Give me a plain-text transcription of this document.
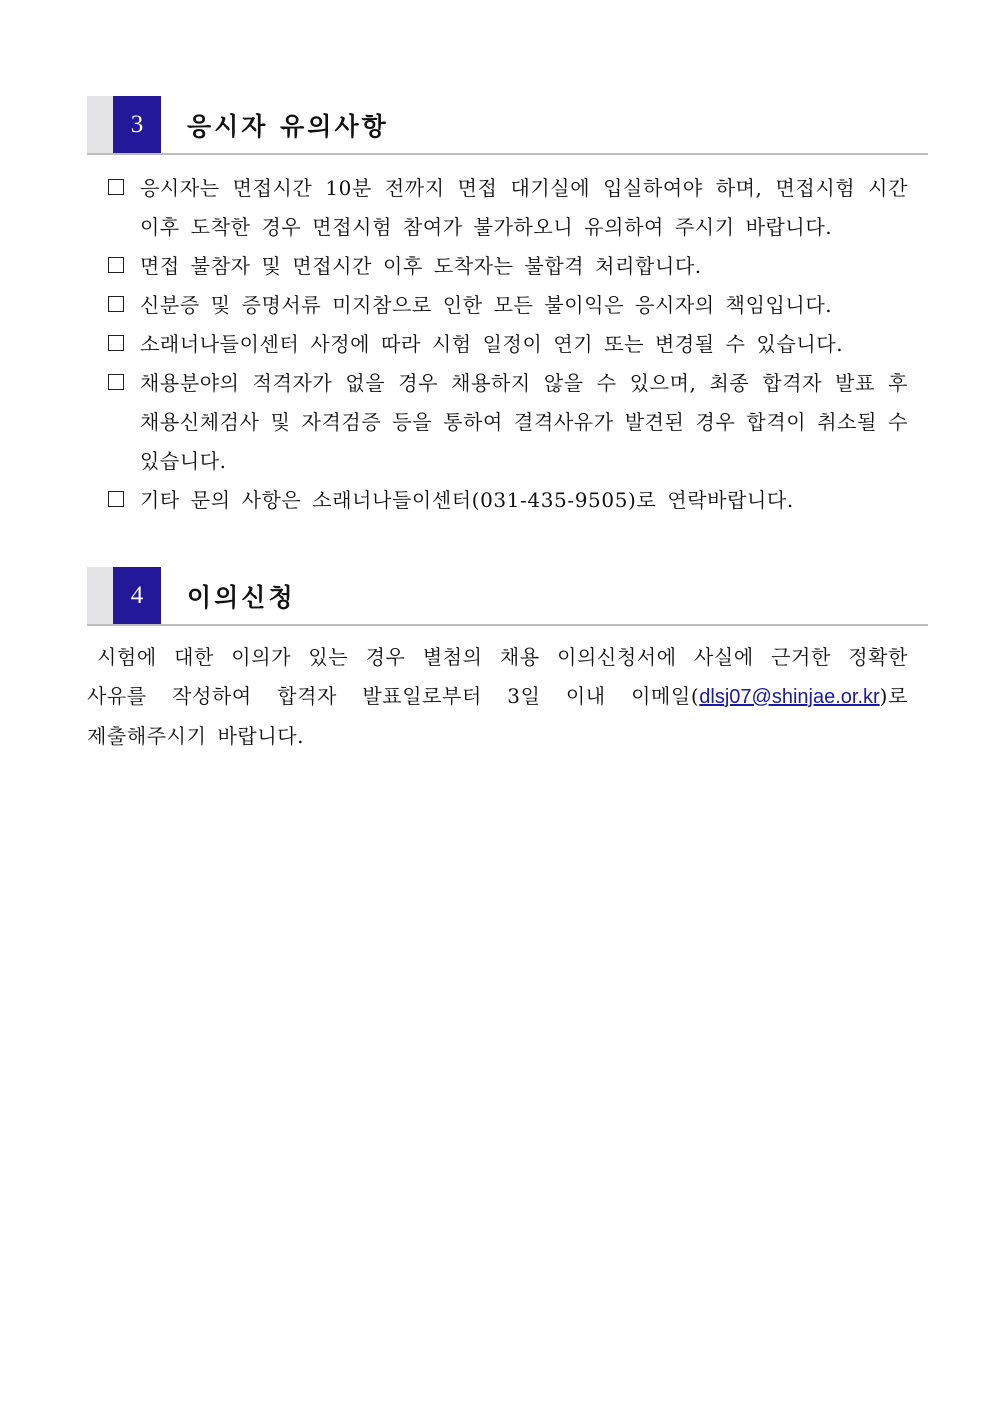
3 응시자 유의사항
응시자는 면접시간 10분 전까지 면접 대기실에 입실하여야 하며, 면접시험 시간 이후 도착한 경우 면접시험 참여가 불가하오니 유의하여 주시기 바랍니다.
면접 불참자 및 면접시간 이후 도착자는 불합격 처리합니다.
신분증 및 증명서류 미지참으로 인한 모든 불이익은 응시자의 책임입니다.
소래너나들이센터 사정에 따라 시험 일정이 연기 또는 변경될 수 있습니다.
채용분야의 적격자가 없을 경우 채용하지 않을 수 있으며, 최종 합격자 발표 후 채용신체검사 및 자격검증 등을 통하여 결격사유가 발견된 경우 합격이 취소될 수 있습니다.
기타 문의 사항은 소래너나들이센터(031-435-9505)로 연락바랍니다.
4 이의신청

시험에 대한 이의가 있는 경우 별첨의 채용 이의신청서에 사실에 근거한 정확한 사유를 작성하여 합격자 발표일로부터 3일 이내 이메일(dlsj07@shinjae.or.kr)로 제출해주시기 바랍니다.
